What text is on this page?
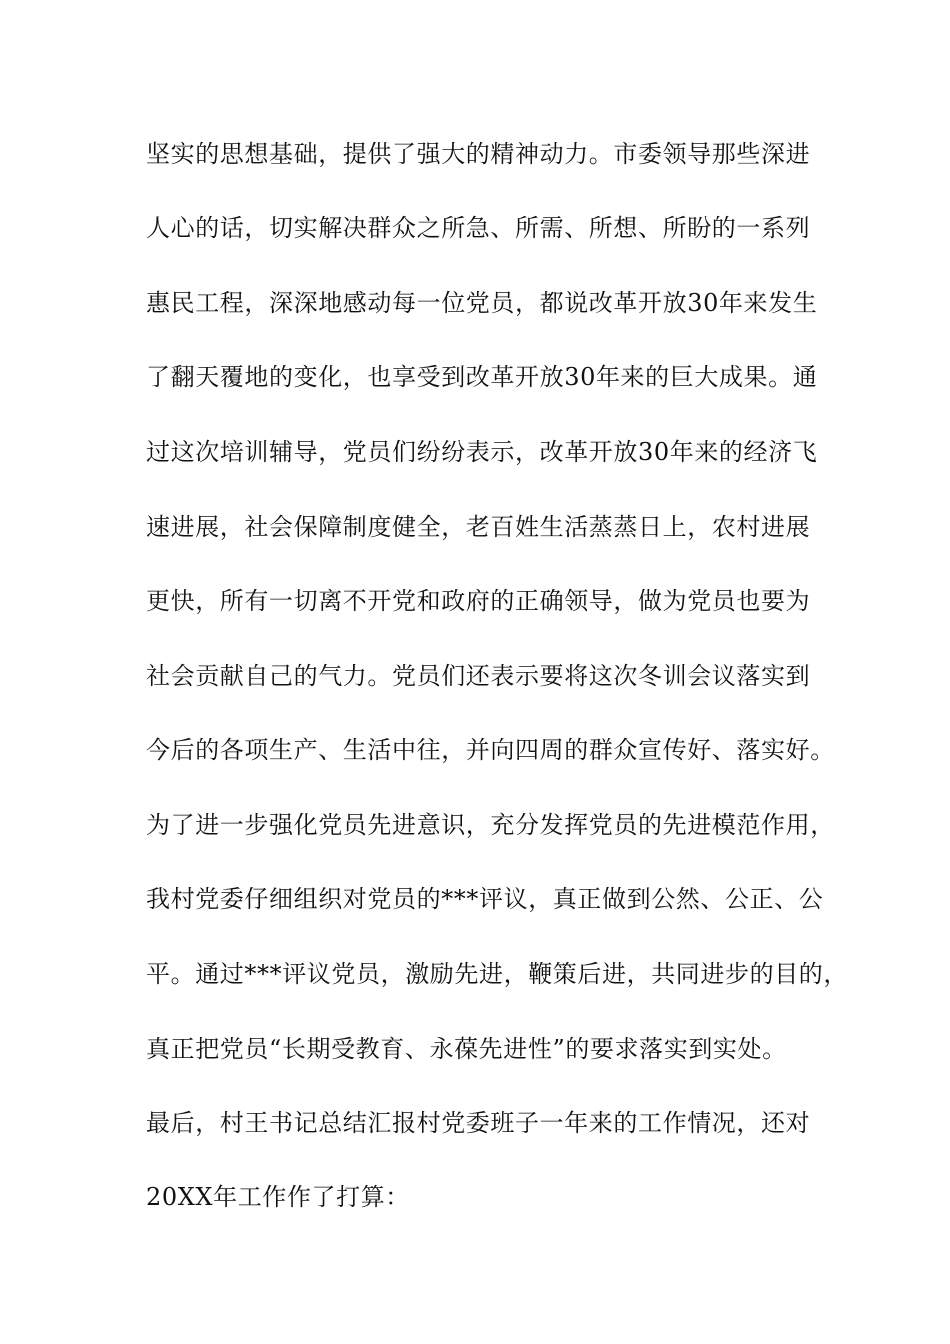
坚实的思想基础，提供了强大的精神动力。市委领导那些深进
人心的话，切实解决群众之所急、所需、所想、所盼的一系列
惠民工程，深深地感动每一位党员，都说改革开放30年来发生
了翻天覆地的变化，也享受到改革开放30年来的巨大成果。通
过这次培训辅导，党员们纷纷表示，改革开放30年来的经济飞
速进展，社会保障制度健全，老百姓生活蒸蒸日上，农村进展
更快，所有一切离不开党和政府的正确领导，做为党员也要为
社会贡献自己的气力。党员们还表示要将这次冬训会议落实到
今后的各项生产、生活中往，并向四周的群众宣传好、落实好。
为了进一步强化党员先进意识，充分发挥党员的先进模范作用，
我村党委仔细组织对党员的***评议，真正做到公然、公正、公
平。通过***评议党员，激励先进，鞭策后进，共同进步的目的，
真正把党员“长期受教育、永葆先进性”的要求落实到实处。
最后，村王书记总结汇报村党委班子一年来的工作情况，还对
20XX年工作作了打算：
